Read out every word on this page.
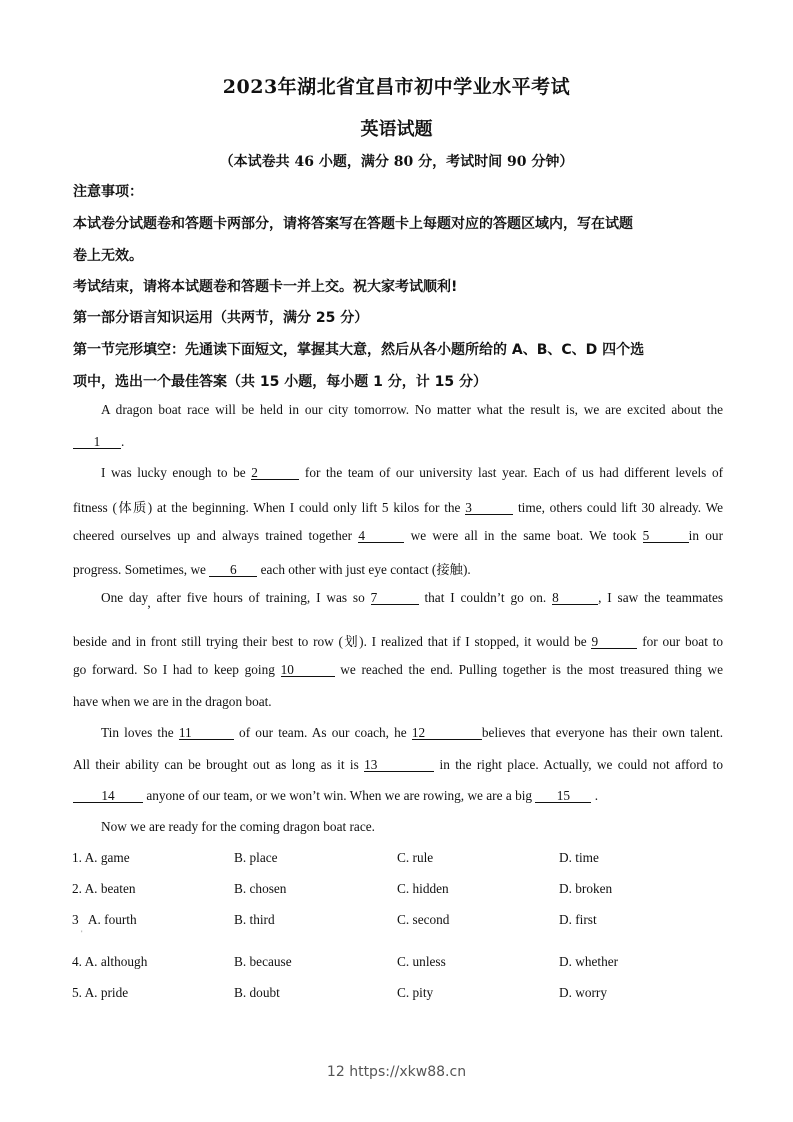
2023年湖北省宜昌市初中学业水平考试
英语试题
（本试卷共 46 小题，满分 80 分，考试时间 90 分钟）
注意事项：
本试卷分试题卷和答题卡两部分，请将答案写在答题卡上每题对应的答题区域内，写在试题
卷上无效。
考试结束，请将本试题卷和答题卡一并上交。祝大家考试顺利!
第一部分语言知识运用（共两节，满分 25 分）
第一节完形填空：先通读下面短文，掌握其大意，然后从各小题所给的 A、B、C、D 四个选
项中，选出一个最佳答案（共 15 小题，每小题 1 分，计 15 分）
A dragon boat race will be held in our city tomorrow. No matter what the result is, we are excited about the
1 .
I was lucky enough to be 2	for the team of our university last year. Each of us had different levels of
fitness (体质) at the beginning. When I could only lift 5 kilos for the 3	time, others could lift 30 already. We
cheered ourselves up and always trained together 4	we were all in the same boat. We took 5	in our
progress. Sometimes, we 6 each other with just eye contact (接触).
One day, after five hours of training, I was so 7	that I couldn’t go on. 8	, I saw the teammates
beside and in front still trying their best to row (划). I realized that if I stopped, it would be 9	for our boat to
go forward. So I had to keep going 10	we reached the end. Pulling together is the most treasured thing we
have when we are in the dragon boat.
Tin loves the 11	of our team. As our coach, he 12	believes that everyone has their own talent.
All their ability can be brought out as long as it is 13	in the right place. Actually, we could not afford to
14 anyone of our team, or we won’t win. When we are rowing, we are a big 15 .
Now we are ready for the coming dragon boat race.
1. A. game	B. place	C. rule	D. time
2. A. beaten	B. chosen	C. hidden	D. broken
3   A. fourth	B. third	C. second	D. first
'
4. A. although	B. because	C. unless	D. whether
5. A. pride	B. doubt	C. pity	D. worry
12 https://xkw88.cn
